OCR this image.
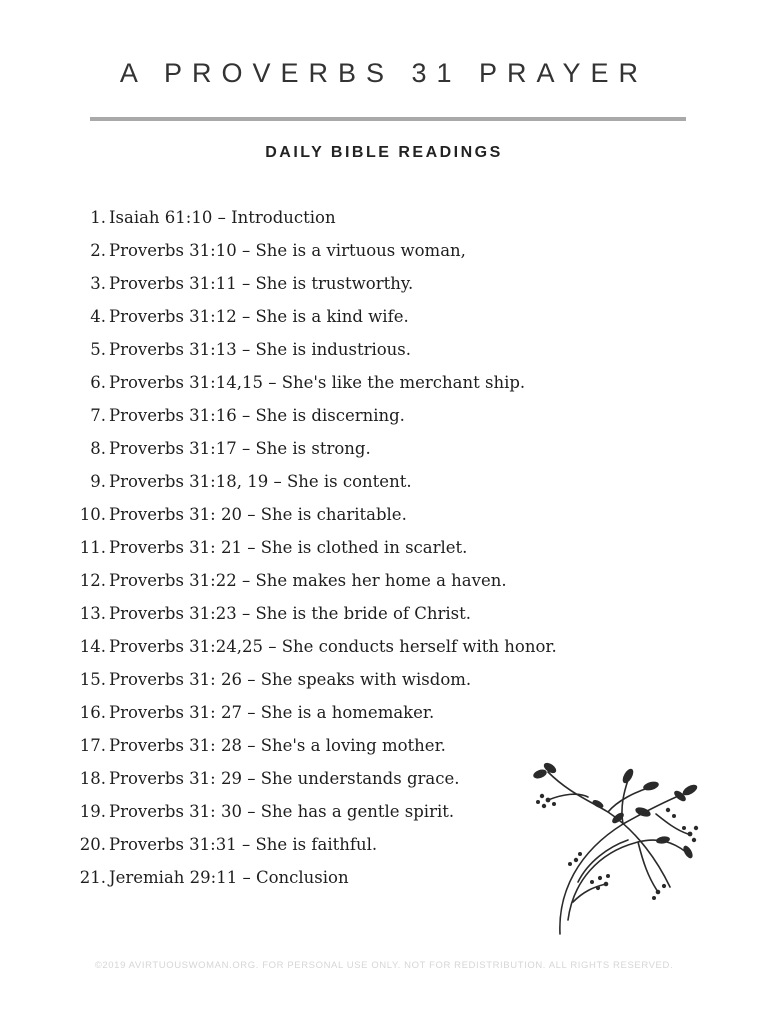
A PROVERBS 31 PRAYER
DAILY BIBLE READINGS
1. Isaiah 61:10 – Introduction
2. Proverbs 31:10 – She is a virtuous woman,
3. Proverbs 31:11 – She is trustworthy.
4. Proverbs 31:12 – She is a kind wife.
5. Proverbs 31:13 – She is industrious.
6. Proverbs 31:14,15 – She's like the merchant ship.
7. Proverbs 31:16 – She is discerning.
8. Proverbs 31:17 – She is strong.
9. Proverbs 31:18, 19 – She is content.
10. Proverbs 31: 20 – She is charitable.
11. Proverbs 31: 21 – She is clothed in scarlet.
12. Proverbs 31:22 – She makes her home a haven.
13. Proverbs 31:23 – She is the bride of Christ.
14. Proverbs 31:24,25 – She conducts herself with honor.
15. Proverbs 31: 26 – She speaks with wisdom.
16. Proverbs 31: 27 – She is a homemaker.
17. Proverbs 31: 28 – She's a loving mother.
18. Proverbs 31: 29 – She understands grace.
19. Proverbs 31: 30 – She has a gentle spirit.
20. Proverbs 31:31 – She is faithful.
21. Jeremiah 29:11 – Conclusion
©2019 AVIRTUOUSWOMAN.ORG. FOR PERSONAL USE ONLY. NOT FOR REDISTRIBUTION. ALL RIGHTS RESERVED.
